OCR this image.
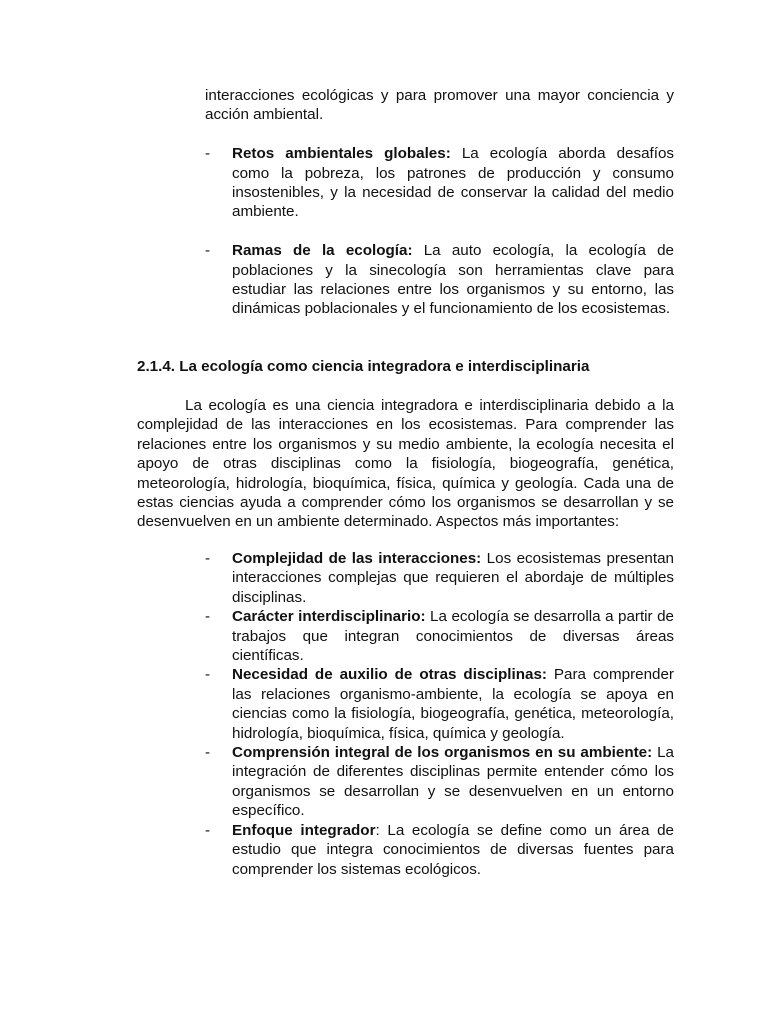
interacciones ecológicas y para promover una mayor conciencia y acción ambiental.

- Retos ambientales globales: La ecología aborda desafíos como la pobreza, los patrones de producción y consumo insostenibles, y la necesidad de conservar la calidad del medio ambiente.
- Ramas de la ecología: La auto ecología, la ecología de poblaciones y la sinecología son herramientas clave para estudiar las relaciones entre los organismos y su entorno, las dinámicas poblacionales y el funcionamiento de los ecosistemas.
2.1.4. La ecología como ciencia integradora e interdisciplinaria

La ecología es una ciencia integradora e interdisciplinaria debido a la complejidad de las interacciones en los ecosistemas. Para comprender las relaciones entre los organismos y su medio ambiente, la ecología necesita el apoyo de otras disciplinas como la fisiología, biogeografía, genética, meteorología, hidrología, bioquímica, física, química y geología. Cada una de estas ciencias ayuda a comprender cómo los organismos se desarrollan y se desenvuelven en un ambiente determinado. Aspectos más importantes:

- Complejidad de las interacciones: Los ecosistemas presentan interacciones complejas que requieren el abordaje de múltiples disciplinas.
- Carácter interdisciplinario: La ecología se desarrolla a partir de trabajos que integran conocimientos de diversas áreas científicas.
- Necesidad de auxilio de otras disciplinas: Para comprender las relaciones organismo-ambiente, la ecología se apoya en ciencias como la fisiología, biogeografía, genética, meteorología, hidrología, bioquímica, física, química y geología.
- Comprensión integral de los organismos en su ambiente: La integración de diferentes disciplinas permite entender cómo los organismos se desarrollan y se desenvuelven en un entorno específico.
- Enfoque integrador: La ecología se define como un área de estudio que integra conocimientos de diversas fuentes para comprender los sistemas ecológicos.
